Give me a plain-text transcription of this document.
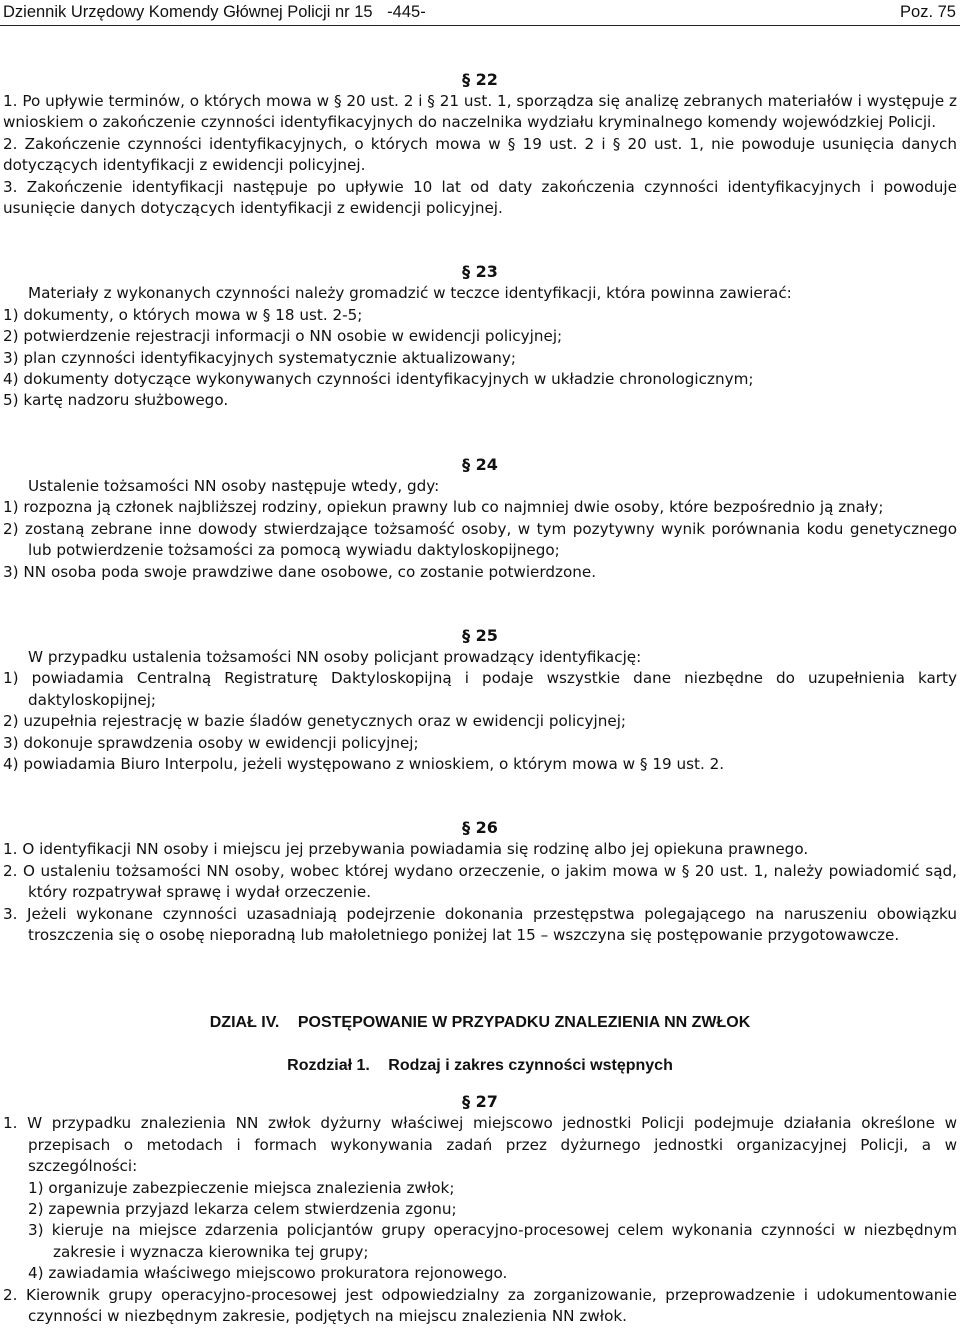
Dziennik Urzędowy Komendy Głównej Policji nr 15 -445-	Poz. 75
§ 22

1. Po upływie terminów, o których mowa w § 20 ust. 2 i § 21 ust. 1, sporządza się analizę zebranych materiałów i występuje z wnioskiem o zakończenie czynności identyfikacyjnych do naczelnika wydziału kryminalnego komendy wojewódzkiej Policji.

2. Zakończenie czynności identyfikacyjnych, o których mowa w § 19 ust. 2 i § 20 ust. 1, nie powoduje usunięcia danych dotyczących identyfikacji z ewidencji policyjnej.

3. Zakończenie identyfikacji następuje po upływie 10 lat od daty zakończenia czynności identyfikacyjnych i powoduje usunięcie danych dotyczących identyfikacji z ewidencji policyjnej.

§ 23

Materiały z wykonanych czynności należy gromadzić w teczce identyfikacji, która powinna zawierać:

1) dokumenty, o których mowa w § 18 ust. 2-5;

2) potwierdzenie rejestracji informacji o NN osobie w ewidencji policyjnej;

3) plan czynności identyfikacyjnych systematycznie aktualizowany;

4) dokumenty dotyczące wykonywanych czynności identyfikacyjnych w układzie chronologicznym;

5) kartę nadzoru służbowego.

§ 24

Ustalenie tożsamości NN osoby następuje wtedy, gdy:

1) rozpozna ją członek najbliższej rodziny, opiekun prawny lub co najmniej dwie osoby, które bezpośrednio ją znały;

2) zostaną zebrane inne dowody stwierdzające tożsamość osoby, w tym pozytywny wynik porównania kodu genetycznego lub potwierdzenie tożsamości za pomocą wywiadu daktyloskopijnego;

3) NN osoba poda swoje prawdziwe dane osobowe, co zostanie potwierdzone.

§ 25

W przypadku ustalenia tożsamości NN osoby policjant prowadzący identyfikację:

1) powiadamia Centralną Registraturę Daktyloskopijną i podaje wszystkie dane niezbędne do uzupełnienia karty daktyloskopijnej;

2) uzupełnia rejestrację w bazie śladów genetycznych oraz w ewidencji policyjnej;

3) dokonuje sprawdzenia osoby w ewidencji policyjnej;

4) powiadamia Biuro Interpolu, jeżeli występowano z wnioskiem, o którym mowa w § 19 ust. 2.

§ 26

1. O identyfikacji NN osoby i miejscu jej przebywania powiadamia się rodzinę albo jej opiekuna prawnego.

2. O ustaleniu tożsamości NN osoby, wobec której wydano orzeczenie, o jakim mowa w § 20 ust. 1, należy powiadomić sąd, który rozpatrywał sprawę i wydał orzeczenie.

3. Jeżeli wykonane czynności uzasadniają podejrzenie dokonania przestępstwa polegającego na naruszeniu obowiązku troszczenia się o osobę nieporadną lub małoletniego poniżej lat 15 – wszczyna się postępowanie przygotowawcze.

DZIAŁ IV. POSTĘPOWANIE W PRZYPADKU ZNALEZIENIA NN ZWŁOK
Rozdział 1. Rodzaj i zakres czynności wstępnych
§ 27

1. W przypadku znalezienia NN zwłok dyżurny właściwej miejscowo jednostki Policji podejmuje działania określone w przepisach o metodach i formach wykonywania zadań przez dyżurnego jednostki organizacyjnej Policji, a w szczególności:

1) organizuje zabezpieczenie miejsca znalezienia zwłok;

2) zapewnia przyjazd lekarza celem stwierdzenia zgonu;

3) kieruje na miejsce zdarzenia policjantów grupy operacyjno-procesowej celem wykonania czynności w niezbędnym zakresie i wyznacza kierownika tej grupy;

4) zawiadamia właściwego miejscowo prokuratora rejonowego.

2. Kierownik grupy operacyjno-procesowej jest odpowiedzialny za zorganizowanie, przeprowadzenie i udokumentowanie czynności w niezbędnym zakresie, podjętych na miejscu znalezienia NN zwłok.
